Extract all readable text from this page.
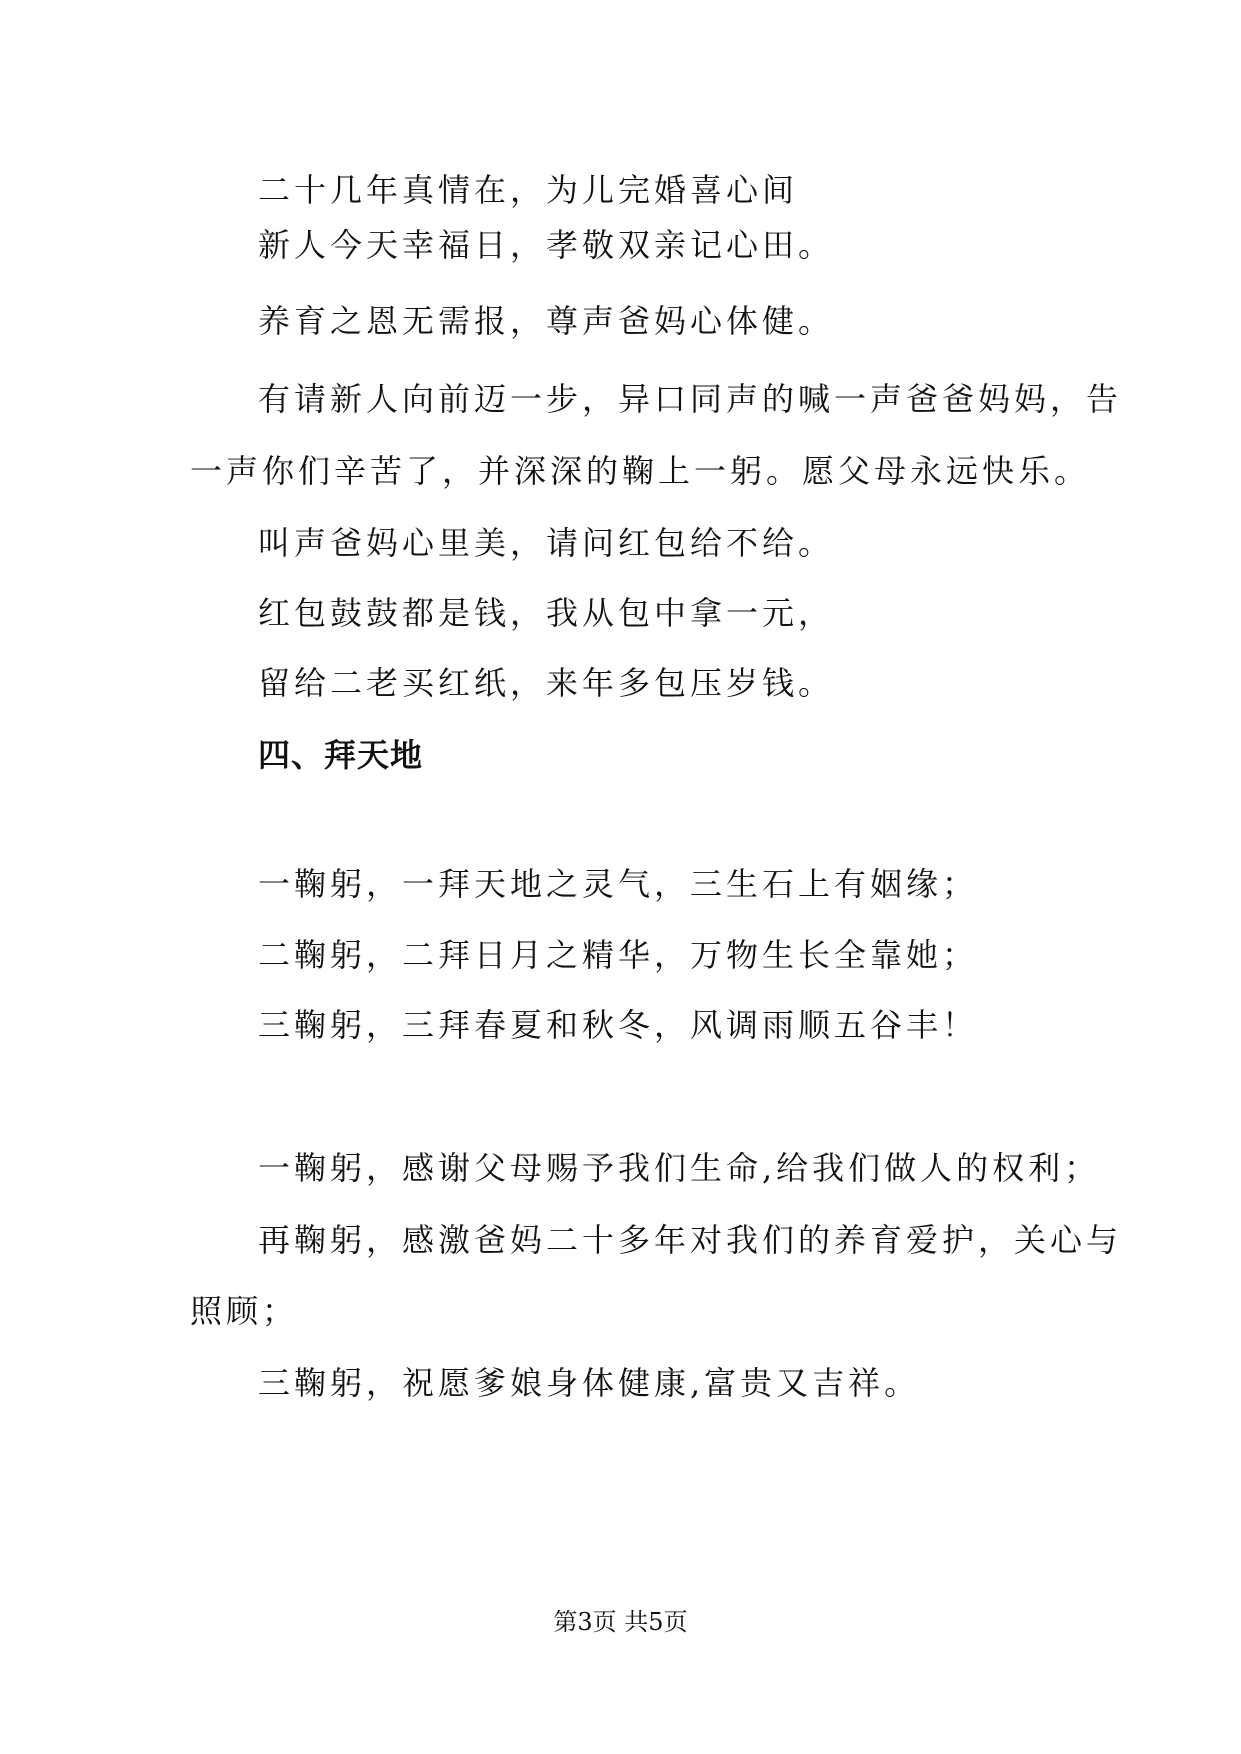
二十几年真情在，为儿完婚喜心间
新人今天幸福日，孝敬双亲记心田。
养育之恩无需报，尊声爸妈心体健。
有请新人向前迈一步，异口同声的喊一声爸爸妈妈，告
一声你们辛苦了，并深深的鞠上一躬。愿父母永远快乐。
叫声爸妈心里美，请问红包给不给。
红包鼓鼓都是钱，我从包中拿一元，
留给二老买红纸，来年多包压岁钱。
四、拜天地
一鞠躬，一拜天地之灵气，三生石上有姻缘；
二鞠躬，二拜日月之精华，万物生长全靠她；
三鞠躬，三拜春夏和秋冬，风调雨顺五谷丰！
一鞠躬，感谢父母赐予我们生命,给我们做人的权利；
再鞠躬，感激爸妈二十多年对我们的养育爱护，关心与
照顾；
三鞠躬，祝愿爹娘身体健康,富贵又吉祥。
第3页 共5页
